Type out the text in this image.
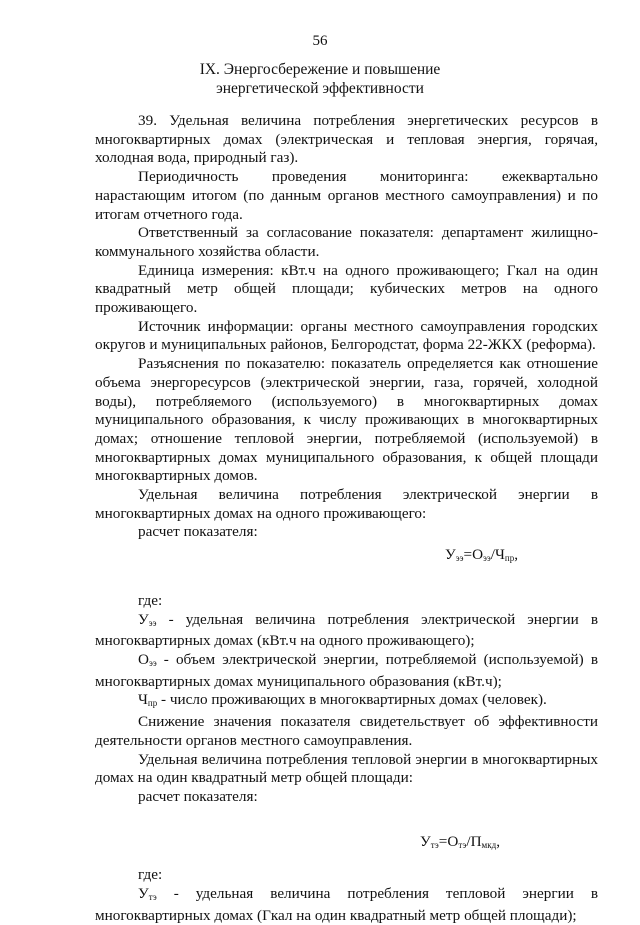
56
IX. Энергосбережение и повышение
энергетической эффективности

39. Удельная величина потребления энергетических ресурсов в многоквартирных домах (электрическая и тепловая энергия, горячая, холодная вода, природный газ).

Периодичность проведения мониторинга: ежеквартально нарастающим итогом (по данным органов местного самоуправления) и по итогам отчетного года.

Ответственный за согласование показателя: департамент жилищно-коммунального хозяйства области.

Единица измерения: кВт.ч на одного проживающего; Гкал на один квадратный метр общей площади; кубических метров на одного проживающего.

Источник информации: органы местного самоуправления городских округов и муниципальных районов, Белгородстат, форма 22-ЖКХ (реформа).

Разъяснения по показателю: показатель определяется как отношение объема энергоресурсов (электрической энергии, газа, горячей, холодной воды), потребляемого (используемого) в многоквартирных домах муниципального образования, к числу проживающих в многоквартирных домах; отношение тепловой энергии, потребляемой (используемой) в многоквартирных домах муниципального образования, к общей площади многоквартирных домов.

Удельная величина потребления электрической энергии в многоквартирных домах на одного проживающего:

расчет показателя:

$У_{ээ}=О_{ээ}/Ч_{пр}$,

где:

$У_{ээ}$ - удельная величина потребления электрической энергии в многоквартирных домах (кВт.ч на одного проживающего);

$О_{ээ}$ - объем электрической энергии, потребляемой (используемой) в многоквартирных домах муниципального образования (кВт.ч);

$Ч_{пр}$ - число проживающих в многоквартирных домах (человек).

Снижение значения показателя свидетельствует об эффективности деятельности органов местного самоуправления.

Удельная величина потребления тепловой энергии в многоквартирных домах на один квадратный метр общей площади:

расчет показателя:

$У_{тэ}=О_{тэ}/П_{мкд}$,

где:

$У_{тэ}$ - удельная величина потребления тепловой энергии в многоквартирных домах (Гкал на один квадратный метр общей площади);
